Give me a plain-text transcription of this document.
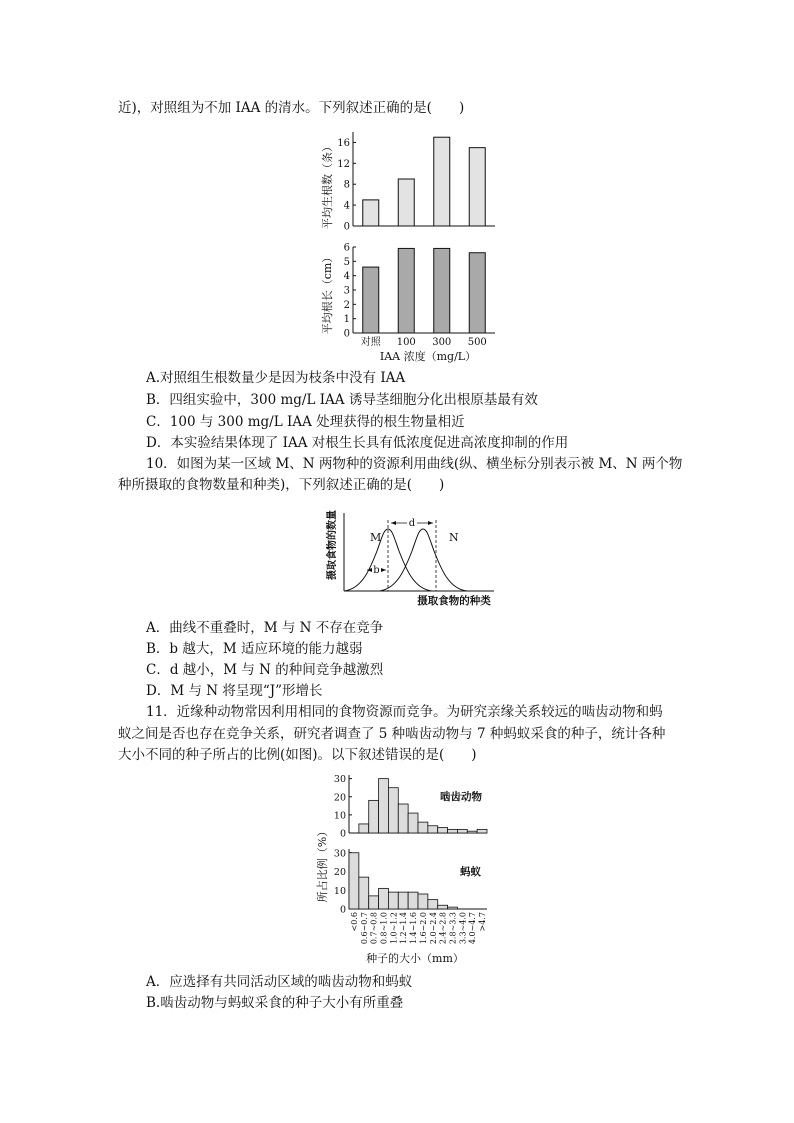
近)，对照组为不加 IAA 的清水。下列叙述正确的是(　　)
平均生根数（条） 0
4
8
12
16
平均根长（cm） 0
1
2
3
4
5
6
对照 100 300 500
IAA 浓度（mg/L）
A.对照组生根数量少是因为枝条中没有 IAA
B．四组实验中，300 mg/L IAA 诱导茎细胞分化出根原基最有效
C．100 与 300 mg/L IAA 处理获得的根生物量相近
D．本实验结果体现了 IAA 对根生长具有低浓度促进高浓度抑制的作用
10．如图为某一区域 M、N 两物种的资源利用曲线(纵、横坐标分别表示被 M、N 两个物
种所摄取的食物数量和种类)，下列叙述正确的是(　　)
摄取食物的数量	d
b
M	N
摄取食物的种类
A．曲线不重叠时，M 与 N 不存在竞争
B．b 越大，M 适应环境的能力越弱
C．d 越小，M 与 N 的种间竞争越激烈
D．M 与 N 将呈现“J”形增长
11．近缘种动物常因利用相同的食物资源而竞争。为研究亲缘关系较远的啮齿动物和蚂
蚁之间是否也存在竞争关系，研究者调查了 5 种啮齿动物与 7 种蚂蚁采食的种子，统计各种
大小不同的种子所占的比例(如图)。以下叙述错误的是(　　)
所占比例（%） 0
10
20
30
啮齿动物
0
10
20
30
<0.6 0.6~0.7 0.7~0.8 0.8~1.0 1.0~1.2 1.2~1.4 1.4~1.6 1.6~2.0 2.0~2.4 2.4~2.8 2.8~3.3 3.3~4.0 4.0~4.7 >4.7
蚂蚁
种子的大小（mm）
A．应选择有共同活动区域的啮齿动物和蚂蚁
B.啮齿动物与蚂蚁采食的种子大小有所重叠
